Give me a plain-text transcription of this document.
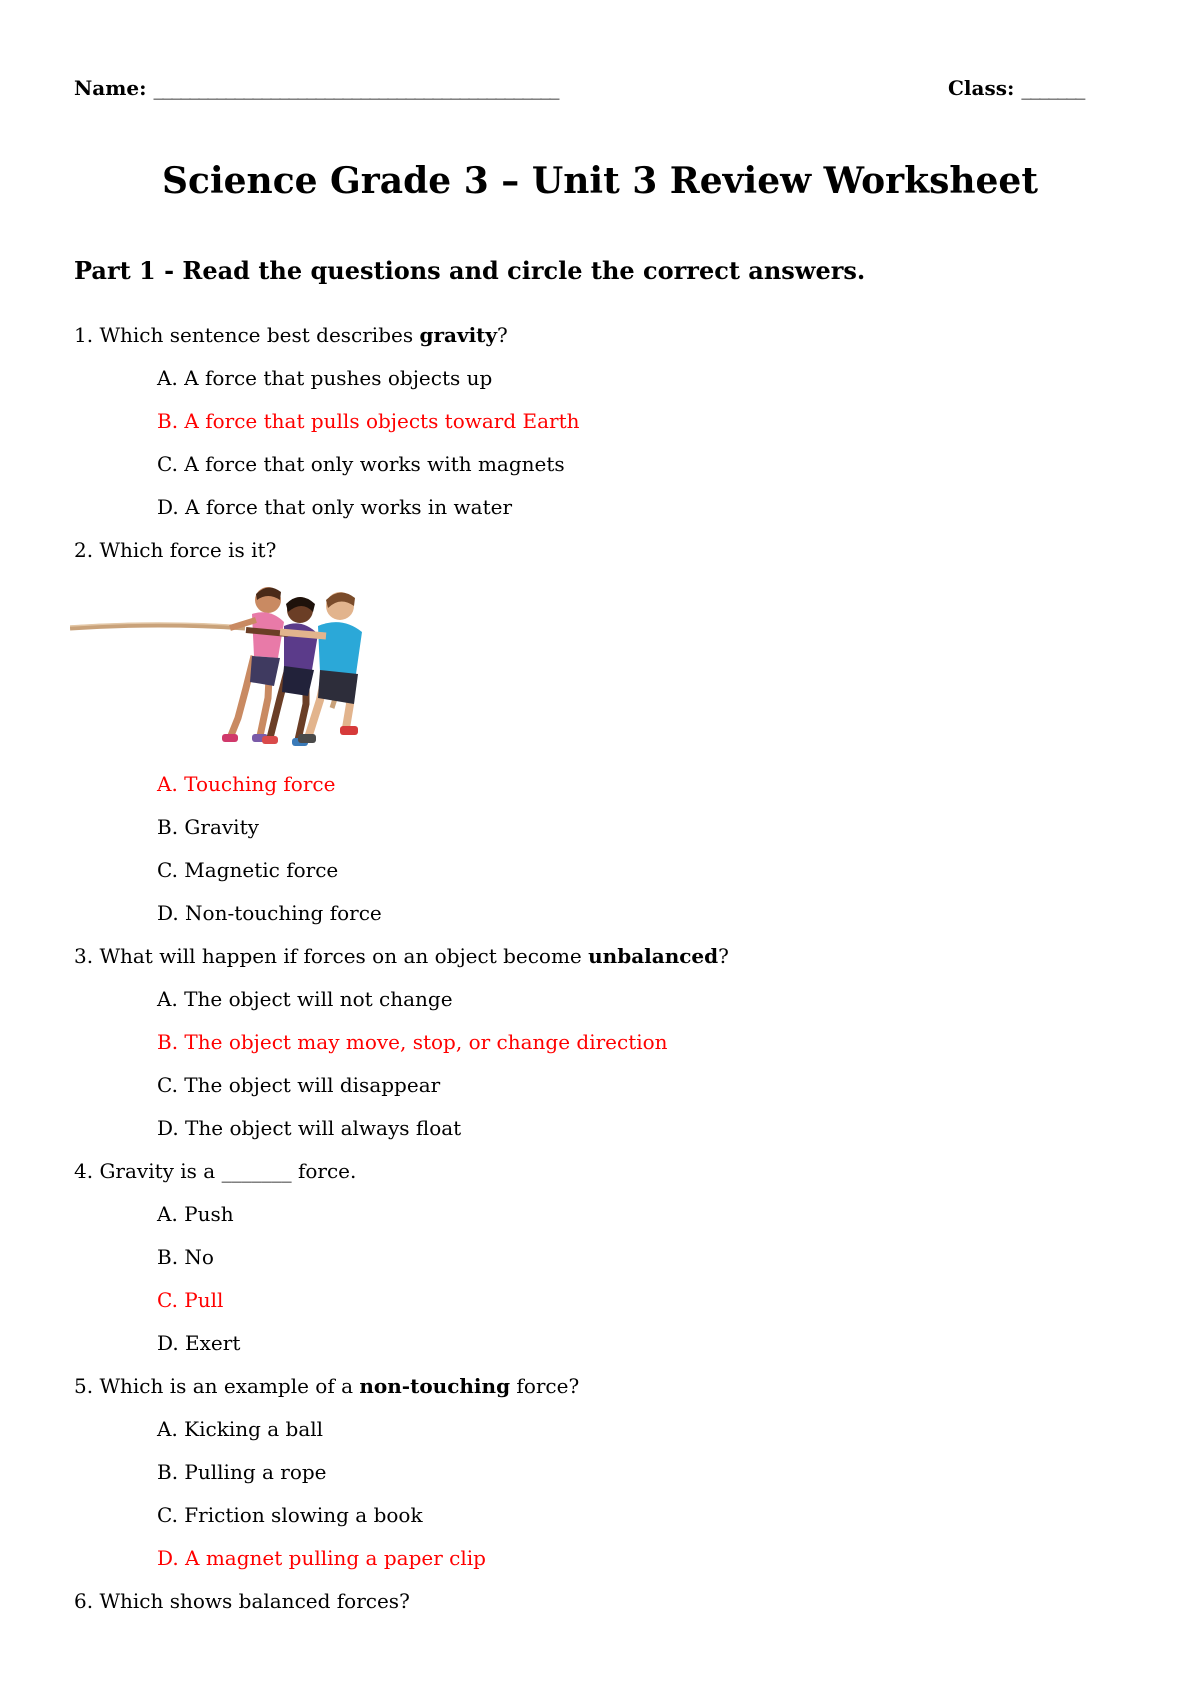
Name: _____________________________________________	Class: _______
Science Grade 3 – Unit 3 Review Worksheet
Part 1 - Read the questions and circle the correct answers.
1. Which sentence best describes gravity?
A. A force that pushes objects up
B. A force that pulls objects toward Earth
C. A force that only works with magnets
D. A force that only works in water
2. Which force is it?
A. Touching force
B. Gravity
C. Magnetic force
D. Non-touching force
3. What will happen if forces on an object become unbalanced?
A. The object will not change
B. The object may move, stop, or change direction
C. The object will disappear
D. The object will always float
4. Gravity is a _______ force.
A. Push
B. No
C. Pull
D. Exert
5. Which is an example of a non-touching force?
A. Kicking a ball
B. Pulling a rope
C. Friction slowing a book
D. A magnet pulling a paper clip
6. Which shows balanced forces?
